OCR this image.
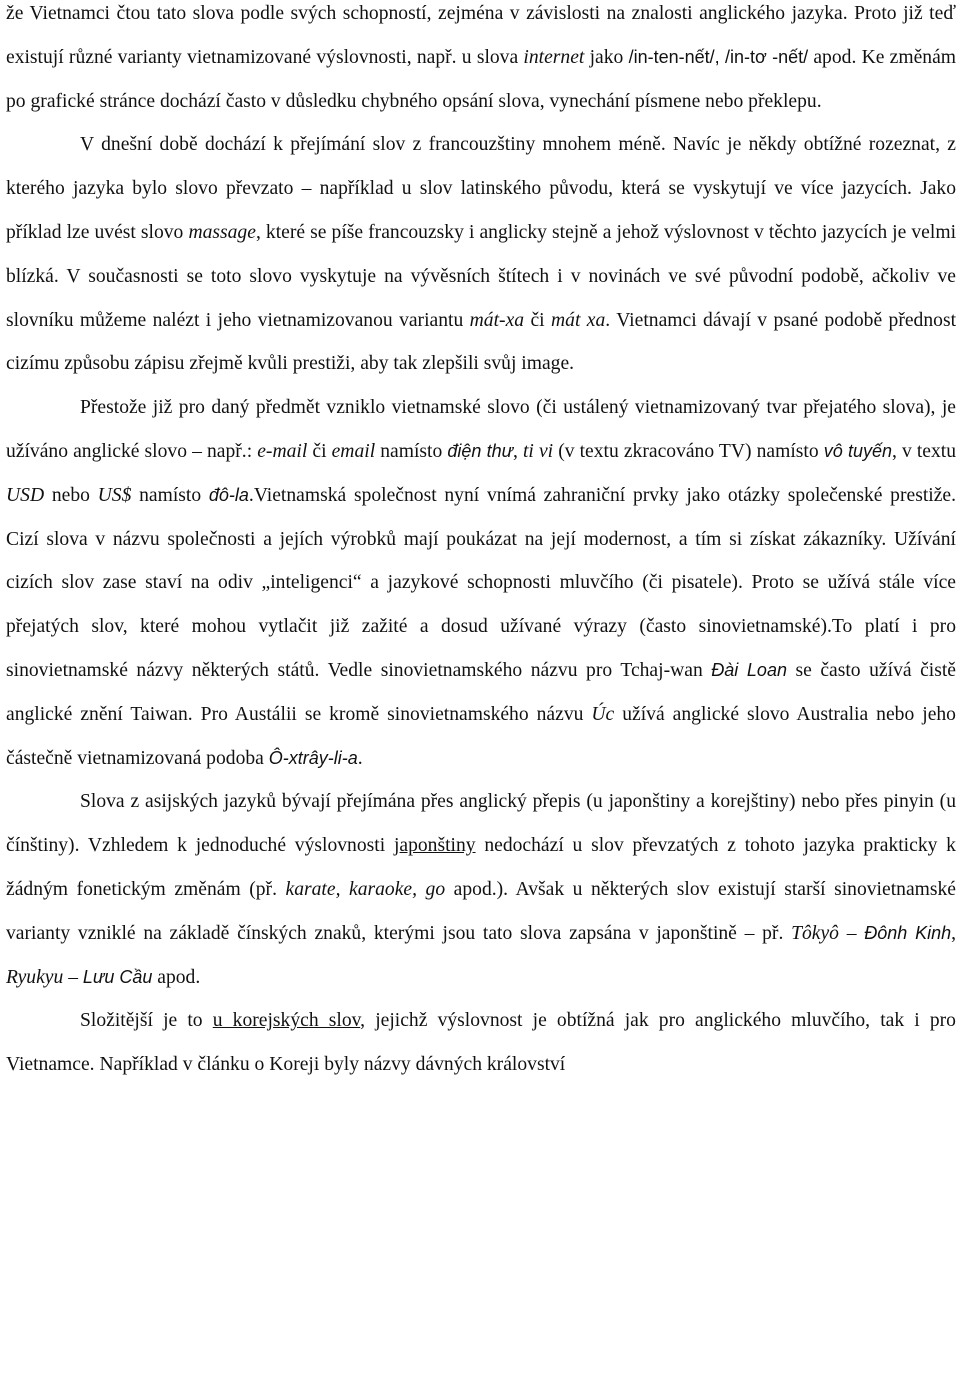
že Vietnamci čtou tato slova podle svých schopností, zejména v závislosti na znalosti anglického jazyka. Proto již teď existují různé varianty vietnamizované výslovnosti, např. u slova internet jako /in-ten-nết/, /in-tơ -nết/ apod. Ke změnám po grafické stránce dochází často v důsledku chybného opsání slova, vynechání písmene nebo překlepu.

V dnešní době dochází k přejímání slov z francouzštiny mnohem méně. Navíc je někdy obtížné rozeznat, z kterého jazyka bylo slovo převzato – například u slov latinského původu, která se vyskytují ve více jazycích. Jako příklad lze uvést slovo massage, které se píše francouzsky i anglicky stejně a jehož výslovnost v těchto jazycích je velmi blízká. V současnosti se toto slovo vyskytuje na vývěsních štítech i v novinách ve své původní podobě, ačkoliv ve slovníku můžeme nalézt i jeho vietnamizovanou variantu mát-xa či mát xa. Vietnamci dávají v psané podobě přednost cizímu způsobu zápisu zřejmě kvůli prestiži, aby tak zlepšili svůj image.

Přestože již pro daný předmět vzniklo vietnamské slovo (či ustálený vietnamizovaný tvar přejatého slova), je užíváno anglické slovo – např.: e-mail či email namísto điện thư, ti vi (v textu zkracováno TV) namísto vô tuyến, v textu USD nebo US$ namísto đô-la.Vietnamská společnost nyní vnímá zahraniční prvky jako otázky společenské prestiže. Cizí slova v názvu společnosti a jejích výrobků mají poukázat na její modernost, a tím si získat zákazníky. Užívání cizích slov zase staví na odiv „inteligenci“ a jazykové schopnosti mluvčího (či pisatele). Proto se užívá stále více přejatých slov, které mohou vytlačit již zažité a dosud užívané výrazy (často sinovietnamské).To platí i pro sinovietnamské názvy některých států. Vedle sinovietnamského názvu pro Tchaj-wan Đài Loan se často užívá čistě anglické znění Taiwan. Pro Austálii se kromě sinovietnamského názvu Úc užívá anglické slovo Australia nebo jeho částečně vietnamizovaná podoba Ô-xtrây-li-a.

Slova z asijských jazyků bývají přejímána přes anglický přepis (u japonštiny a korejštiny) nebo přes pinyin (u čínštiny). Vzhledem k jednoduché výslovnosti japonštiny nedochází u slov převzatých z tohoto jazyka prakticky k žádným fonetickým změnám (př. karate, karaoke, go apod.). Avšak u některých slov existují starší sinovietnamské varianty vzniklé na základě čínských znaků, kterými jsou tato slova zapsána v japonštině – př. Tôkyô – Đônh Kinh, Ryukyu – Lưu Cầu apod.

Složitější je to u korejských slov, jejichž výslovnost je obtížná jak pro anglického mluvčího, tak i pro Vietnamce. Například v článku o Koreji byly názvy dávných království
